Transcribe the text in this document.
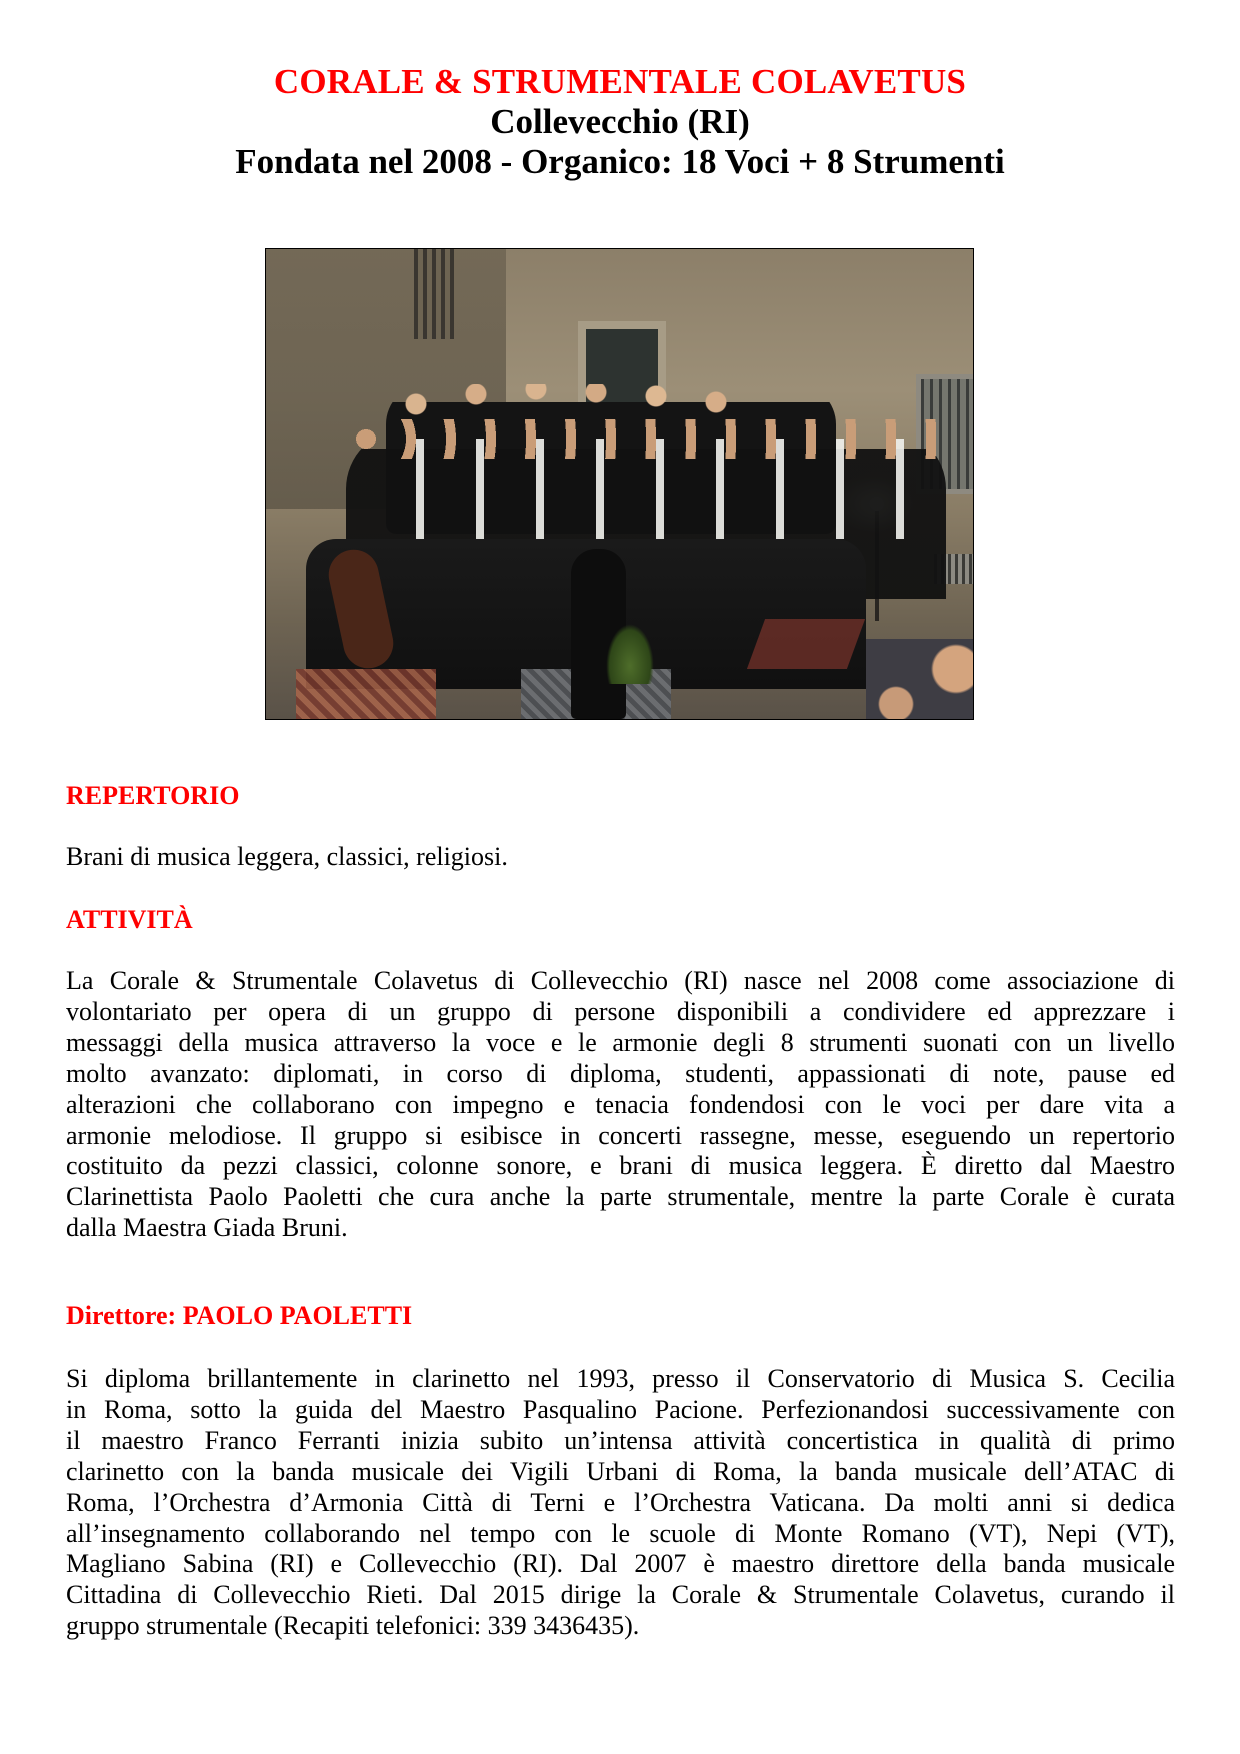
CORALE & STRUMENTALE COLAVETUS
Collevecchio (RI)
Fondata nel 2008 - Organico: 18 Voci + 8 Strumenti
REPERTORIO
Brani di musica leggera, classici, religiosi.
ATTIVITÀ
La Corale & Strumentale Colavetus di Collevecchio (RI) nasce nel 2008 come associazione di
volontariato per opera di un gruppo di persone disponibili a condividere ed apprezzare i
messaggi della musica attraverso la voce e le armonie degli 8 strumenti suonati con un livello
molto avanzato: diplomati, in corso di diploma, studenti, appassionati di note, pause ed
alterazioni che collaborano con impegno e tenacia fondendosi con le voci per dare vita a
armonie melodiose. Il gruppo si esibisce in concerti rassegne, messe, eseguendo un repertorio
costituito da pezzi classici, colonne sonore, e brani di musica leggera. È diretto dal Maestro
Clarinettista Paolo Paoletti che cura anche la parte strumentale, mentre la parte Corale è curata
dalla Maestra Giada Bruni.
Direttore: PAOLO PAOLETTI
Si diploma brillantemente in clarinetto nel 1993, presso il Conservatorio di Musica S. Cecilia
in Roma, sotto la guida del Maestro Pasqualino Pacione. Perfezionandosi successivamente con
il maestro Franco Ferranti inizia subito un’intensa attività concertistica in qualità di primo
clarinetto con la banda musicale dei Vigili Urbani di Roma, la banda musicale dell’ATAC di
Roma, l’Orchestra d’Armonia Città di Terni e l’Orchestra Vaticana. Da molti anni si dedica
all’insegnamento collaborando nel tempo con le scuole di Monte Romano (VT), Nepi (VT),
Magliano Sabina (RI) e Collevecchio (RI). Dal 2007 è maestro direttore della banda musicale
Cittadina di Collevecchio Rieti. Dal 2015 dirige la Corale & Strumentale Colavetus, curando il
gruppo strumentale (Recapiti telefonici: 339 3436435).
